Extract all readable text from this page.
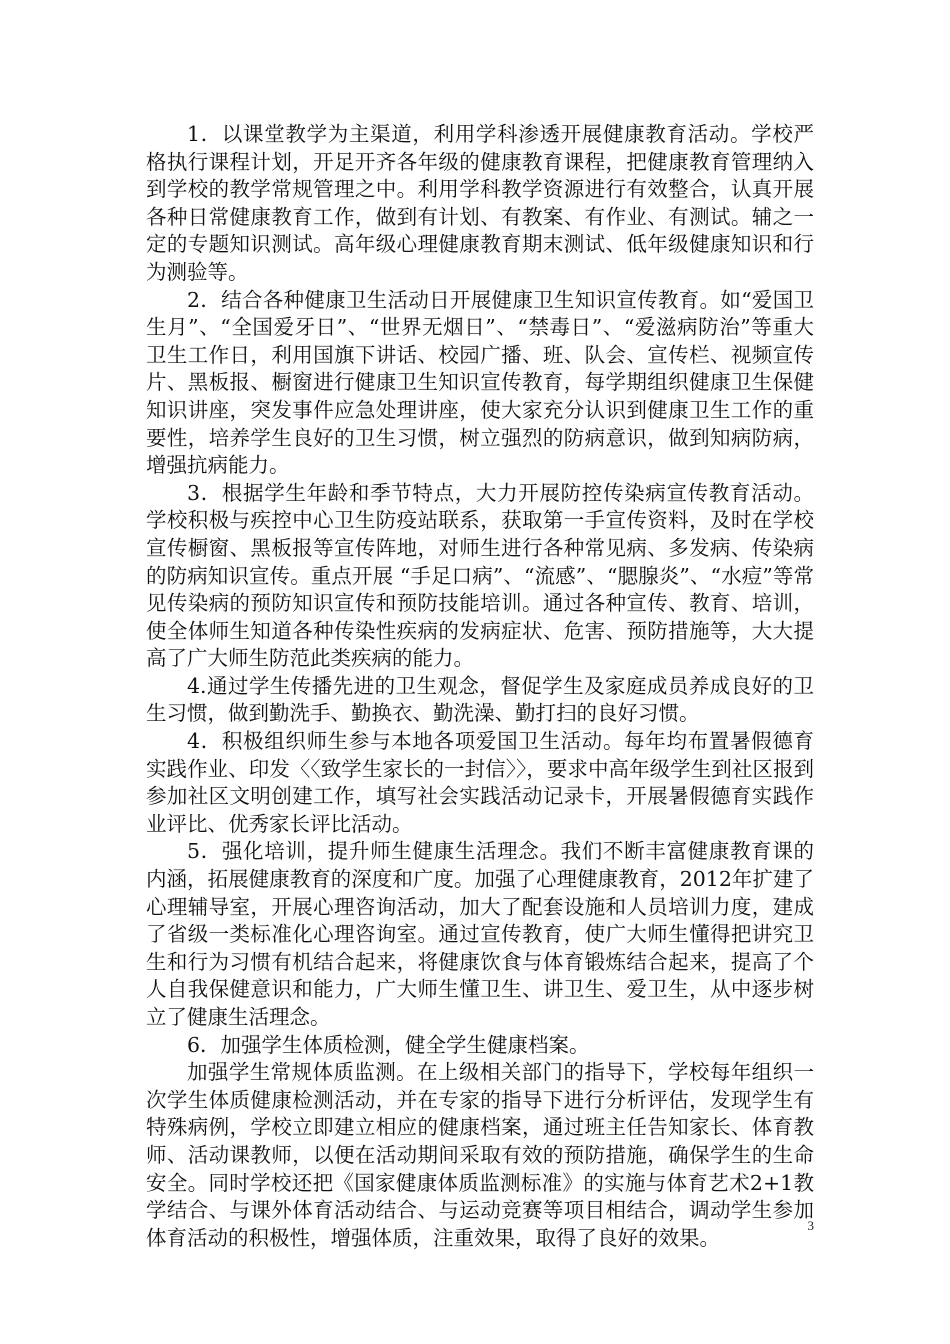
1．以课堂教学为主渠道，利用学科渗透开展健康教育活动。学校严格执行课程计划，开足开齐各年级的健康教育课程，把健康教育管理纳入到学校的教学常规管理之中。利用学科教学资源进行有效整合，认真开展各种日常健康教育工作，做到有计划、有教案、有作业、有测试。辅之一定的专题知识测试。高年级心理健康教育期末测试、低年级健康知识和行为测验等。

2．结合各种健康卫生活动日开展健康卫生知识宣传教育。如“爱国卫生月”、“全国爱牙日”、“世界无烟日”、“禁毒日”、“爱滋病防治”等重大卫生工作日，利用国旗下讲话、校园广播、班、队会、宣传栏、视频宣传片、黑板报、橱窗进行健康卫生知识宣传教育，每学期组织健康卫生保健知识讲座，突发事件应急处理讲座，使大家充分认识到健康卫生工作的重要性，培养学生良好的卫生习惯，树立强烈的防病意识，做到知病防病，增强抗病能力。

3．根据学生年龄和季节特点，大力开展防控传染病宣传教育活动。学校积极与疾控中心卫生防疫站联系，获取第一手宣传资料，及时在学校宣传橱窗、黑板报等宣传阵地，对师生进行各种常见病、多发病、传染病的防病知识宣传。重点开展 “手足口病”、“流感”、“腮腺炎”、“水痘”等常见传染病的预防知识宣传和预防技能培训。通过各种宣传、教育、培训，使全体师生知道各种传染性疾病的发病症状、危害、预防措施等，大大提高了广大师生防范此类疾病的能力。

4.通过学生传播先进的卫生观念，督促学生及家庭成员养成良好的卫生习惯，做到勤洗手、勤换衣、勤洗澡、勤打扫的良好习惯。

4．积极组织师生参与本地各项爱国卫生活动。每年均布置暑假德育实践作业、印发〈〈致学生家长的一封信〉〉，要求中高年级学生到社区报到参加社区文明创建工作，填写社会实践活动记录卡，开展暑假德育实践作业评比、优秀家长评比活动。

5．强化培训，提升师生健康生活理念。我们不断丰富健康教育课的内涵，拓展健康教育的深度和广度。加强了心理健康教育，2012年扩建了心理辅导室，开展心理咨询活动，加大了配套设施和人员培训力度，建成了省级一类标准化心理咨询室。通过宣传教育，使广大师生懂得把讲究卫生和行为习惯有机结合起来，将健康饮食与体育锻炼结合起来，提高了个人自我保健意识和能力，广大师生懂卫生、讲卫生、爱卫生，从中逐步树立了健康生活理念。

6．加强学生体质检测，健全学生健康档案。

加强学生常规体质监测。在上级相关部门的指导下，学校每年组织一次学生体质健康检测活动，并在专家的指导下进行分析评估，发现学生有特殊病例，学校立即建立相应的健康档案，通过班主任告知家长、体育教师、活动课教师，以便在活动期间采取有效的预防措施，确保学生的生命安全。同时学校还把《国家健康体质监测标准》的实施与体育艺术2+1教学结合、与课外体育活动结合、与运动竞赛等项目相结合，调动学生参加体育活动的积极性，增强体质，注重效果，取得了良好的效果。

3
